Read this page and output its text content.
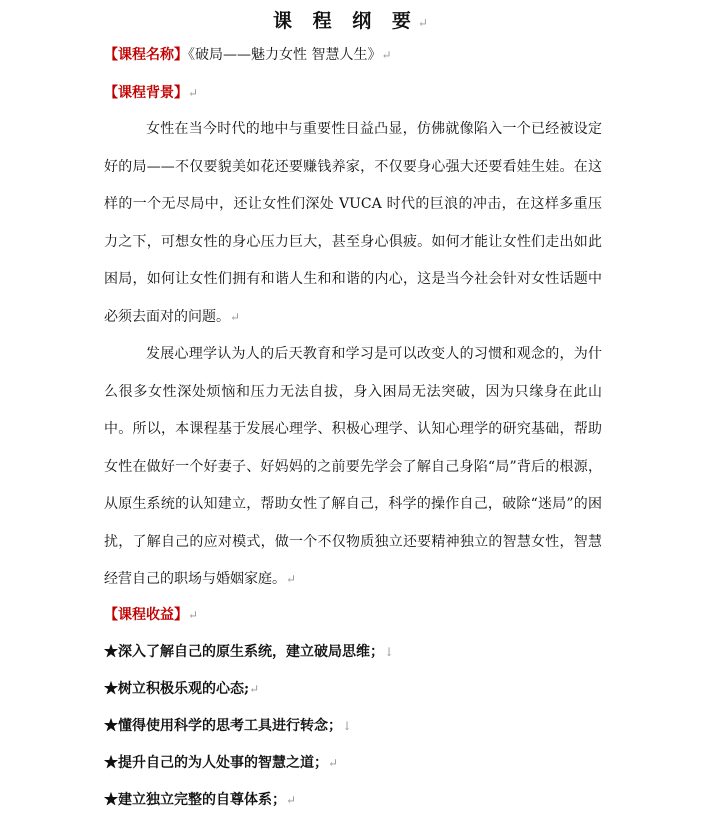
课 程 纲 要↵
【课程名称】《破局——魅力女性 智慧人生》↵
【课程背景】↵
女性在当今时代的地中与重要性日益凸显，仿佛就像陷入一个已经被设定好的局——不仅要貌美如花还要赚钱养家，不仅要身心强大还要看娃生娃。在这样的一个无尽局中，还让女性们深处 VUCA 时代的巨浪的冲击，在这样多重压力之下，可想女性的身心压力巨大，甚至身心俱疲。如何才能让女性们走出如此困局，如何让女性们拥有和谐人生和和谐的内心，这是当今社会针对女性话题中必须去面对的问题。↵
发展心理学认为人的后天教育和学习是可以改变人的习惯和观念的，为什么很多女性深处烦恼和压力无法自拔，身入困局无法突破，因为只缘身在此山中。所以，本课程基于发展心理学、积极心理学、认知心理学的研究基础，帮助女性在做好一个好妻子、好妈妈的之前要先学会了解自己身陷“局”背后的根源，从原生系统的认知建立，帮助女性了解自己，科学的操作自己，破除“迷局”的困扰，了解自己的应对模式，做一个不仅物质独立还要精神独立的智慧女性，智慧经营自己的职场与婚姻家庭。↵
【课程收益】↵
★深入了解自己的原生系统，建立破局思维；↓
★树立积极乐观的心态;↵
★懂得使用科学的思考工具进行转念；↓
★提升自己的为人处事的智慧之道；↵
★建立独立完整的自尊体系；↵
